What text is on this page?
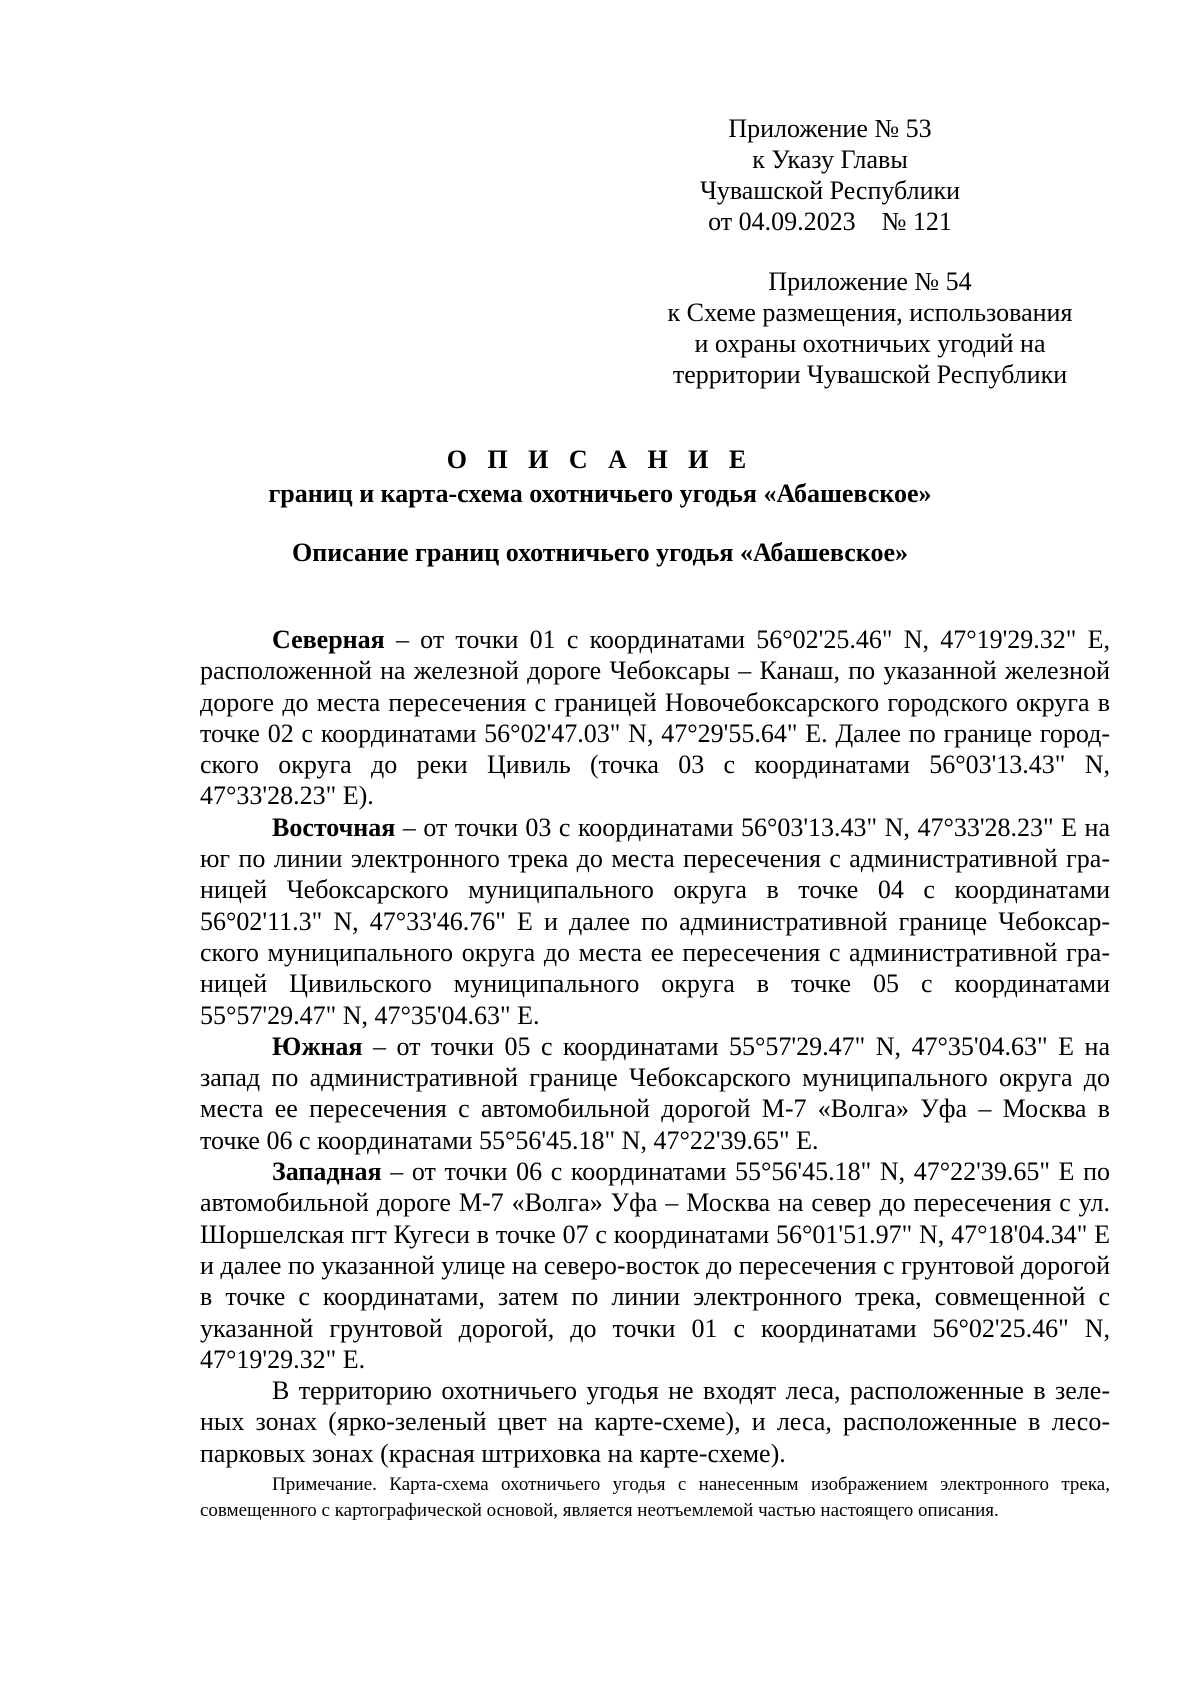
Приложение № 53
к Указу Главы
Чувашской Республики
от 04.09.2023    № 121
Приложение № 54
к Схеме размещения, использования
и охраны охотничьих угодий на
территории Чувашской Республики
О П И С А Н И Е
границ и карта-схема охотничьего угодья «Абашевское»
Описание границ охотничьего угодья «Абашевское»

Северная – от точки 01 с координатами 56°02'25.46" N, 47°19'29.32" E, расположенной на железной дороге Чебоксары – Канаш, по указанной железной дороге до места пересечения с границей Новочебоксарского городского округа в точке 02 с координатами 56°02'47.03" N, 47°29'55.64" E. Далее по границе городского округа до реки Цивиль (точка 03 с координатами 56°03'13.43" N, 47°33'28.23" E).

Восточная – от точки 03 с координатами 56°03'13.43" N, 47°33'28.23" E на юг по линии электронного трека до места пересечения с административной границей Чебоксарского муниципального округа в точке 04 с координатами 56°02'11.3" N, 47°33'46.76" E и далее по административной границе Чебоксарского муниципального округа до места ее пересечения с административной границей Цивильского муниципального округа в точке 05 с координатами 55°57'29.47" N, 47°35'04.63" E.

Южная – от точки 05 с координатами 55°57'29.47" N, 47°35'04.63" E на запад по административной границе Чебоксарского муниципального округа до места ее пересечения с автомобильной дорогой М-7 «Волга» Уфа – Москва в точке 06 с координатами 55°56'45.18" N, 47°22'39.65" E.

Западная – от точки 06 с координатами 55°56'45.18" N, 47°22'39.65" E по автомобильной дороге М-7 «Волга» Уфа – Москва на север до пересечения с ул. Шоршелская пгт Кугеси в точке 07 с координатами 56°01'51.97" N, 47°18'04.34" E и далее по указанной улице на северо-восток до пересечения с грунтовой дорогой в точке с координатами, затем по линии электронного трека, совмещенной с указанной грунтовой дорогой, до точки 01 с координатами 56°02'25.46" N, 47°19'29.32" E.

В территорию охотничьего угодья не входят леса, расположенные в зеленых зонах (ярко-зеленый цвет на карте-схеме), и леса, расположенные в лесопарковых зонах (красная штриховка на карте-схеме).

Примечание. Карта-схема охотничьего угодья с нанесенным изображением электронного трека, совмещенного с картографической основой, является неотъемлемой частью настоящего описания.
